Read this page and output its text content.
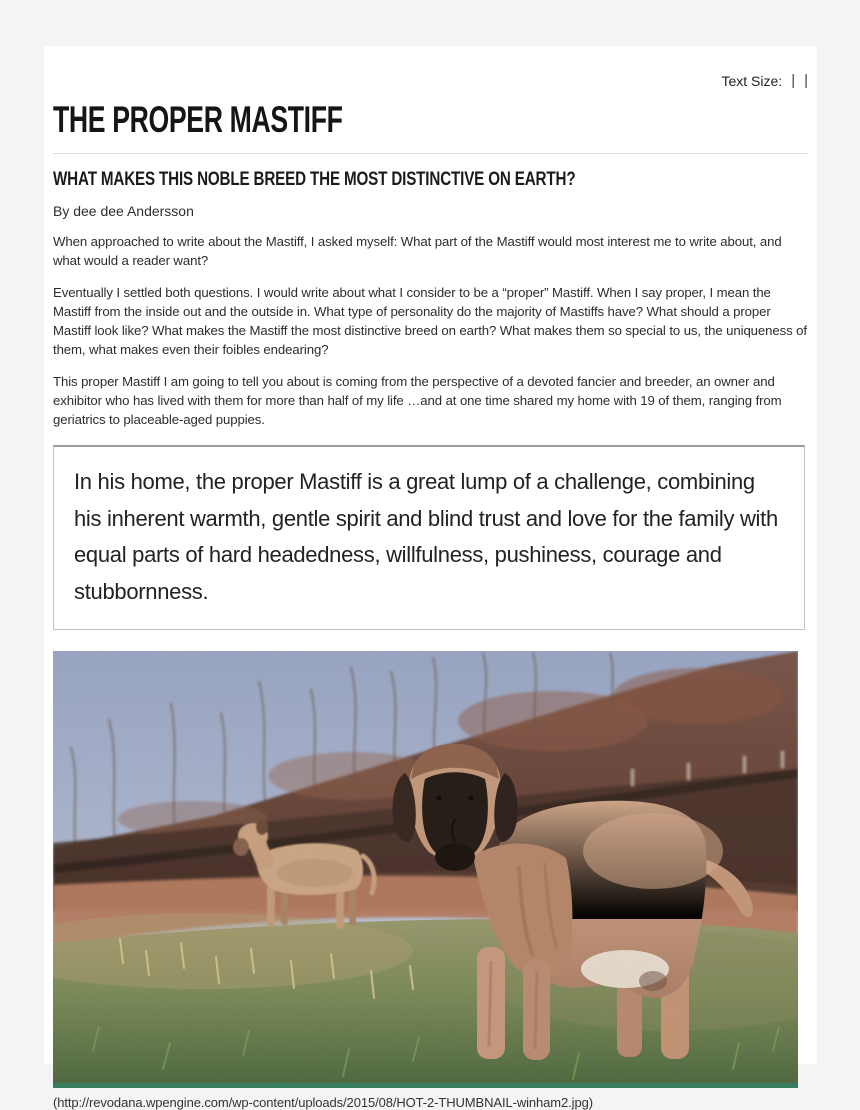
Text Size: | |
THE PROPER MASTIFF
WHAT MAKES THIS NOBLE BREED THE MOST DISTINCTIVE ON EARTH?
By dee dee Andersson

When approached to write about the Mastiff, I asked myself: What part of the Mastiff would most interest me to write about, and what would a reader want?

Eventually I settled both questions. I would write about what I consider to be a “proper” Mastiff. When I say proper, I mean the Mastiff from the inside out and the outside in. What type of personality do the majority of Mastiffs have? What should a proper Mastiff look like? What makes the Mastiff the most distinctive breed on earth? What makes them so special to us, the uniqueness of them, what makes even their foibles endearing?

This proper Mastiff I am going to tell you about is coming from the perspective of a devoted fancier and breeder, an owner and exhibitor who has lived with them for more than half of my life …and at one time shared my home with 19 of them, ranging from geriatrics to placeable-aged puppies.

In his home, the proper Mastiff is a great lump of a challenge, combining his inherent warmth, gentle spirit and blind trust and love for the family with equal parts of hard headedness, willfulness, pushiness, courage and stubbornness.

(http://revodana.wpengine.com/wp-content/uploads/2015/08/HOT-2-THUMBNAIL-winham2.jpg)
